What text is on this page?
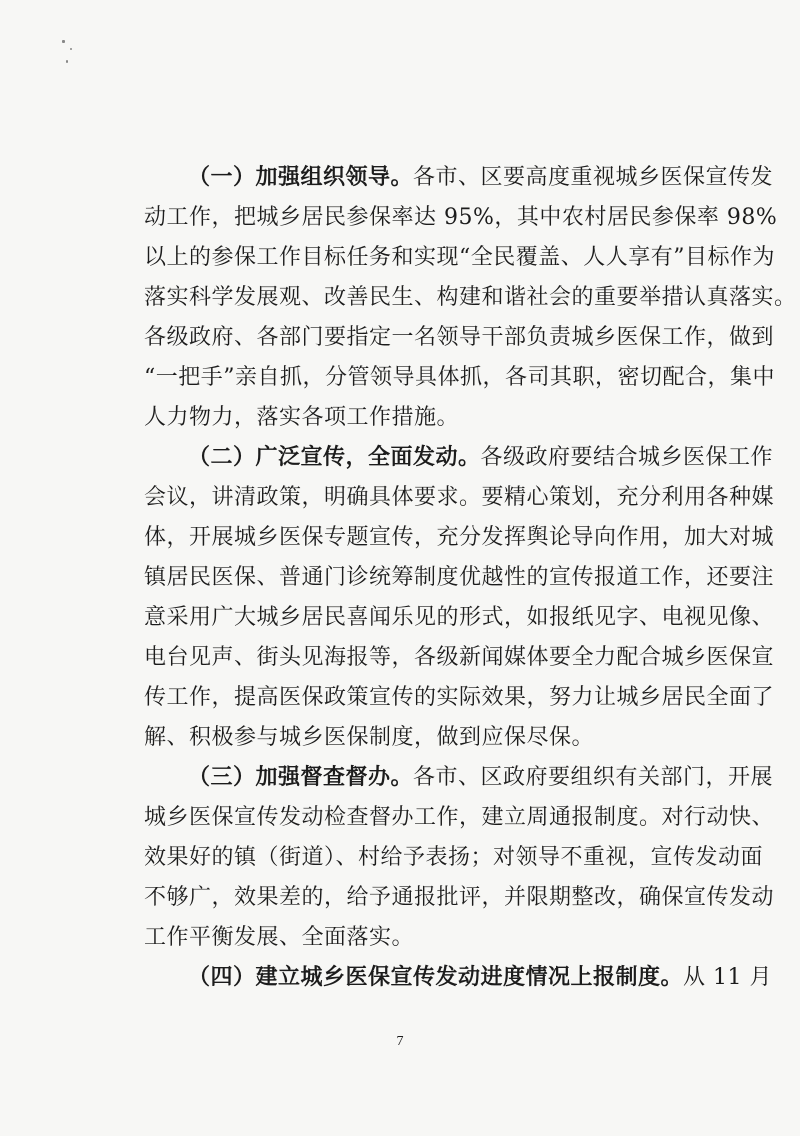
（一）加强组织领导。各市、区要高度重视城乡医保宣传发
动工作，把城乡居民参保率达 95%，其中农村居民参保率 98%
以上的参保工作目标任务和实现“全民覆盖、人人享有”目标作为
落实科学发展观、改善民生、构建和谐社会的重要举措认真落实。
各级政府、各部门要指定一名领导干部负责城乡医保工作，做到
“一把手”亲自抓，分管领导具体抓，各司其职，密切配合，集中
人力物力，落实各项工作措施。
（二）广泛宣传，全面发动。各级政府要结合城乡医保工作
会议，讲清政策，明确具体要求。要精心策划，充分利用各种媒
体，开展城乡医保专题宣传，充分发挥舆论导向作用，加大对城
镇居民医保、普通门诊统筹制度优越性的宣传报道工作，还要注
意采用广大城乡居民喜闻乐见的形式，如报纸见字、电视见像、
电台见声、街头见海报等，各级新闻媒体要全力配合城乡医保宣
传工作，提高医保政策宣传的实际效果，努力让城乡居民全面了
解、积极参与城乡医保制度，做到应保尽保。
（三）加强督查督办。各市、区政府要组织有关部门，开展
城乡医保宣传发动检查督办工作，建立周通报制度。对行动快、
效果好的镇（街道）、村给予表扬；对领导不重视，宣传发动面
不够广，效果差的，给予通报批评，并限期整改，确保宣传发动
工作平衡发展、全面落实。
（四）建立城乡医保宣传发动进度情况上报制度。从 11 月
7
